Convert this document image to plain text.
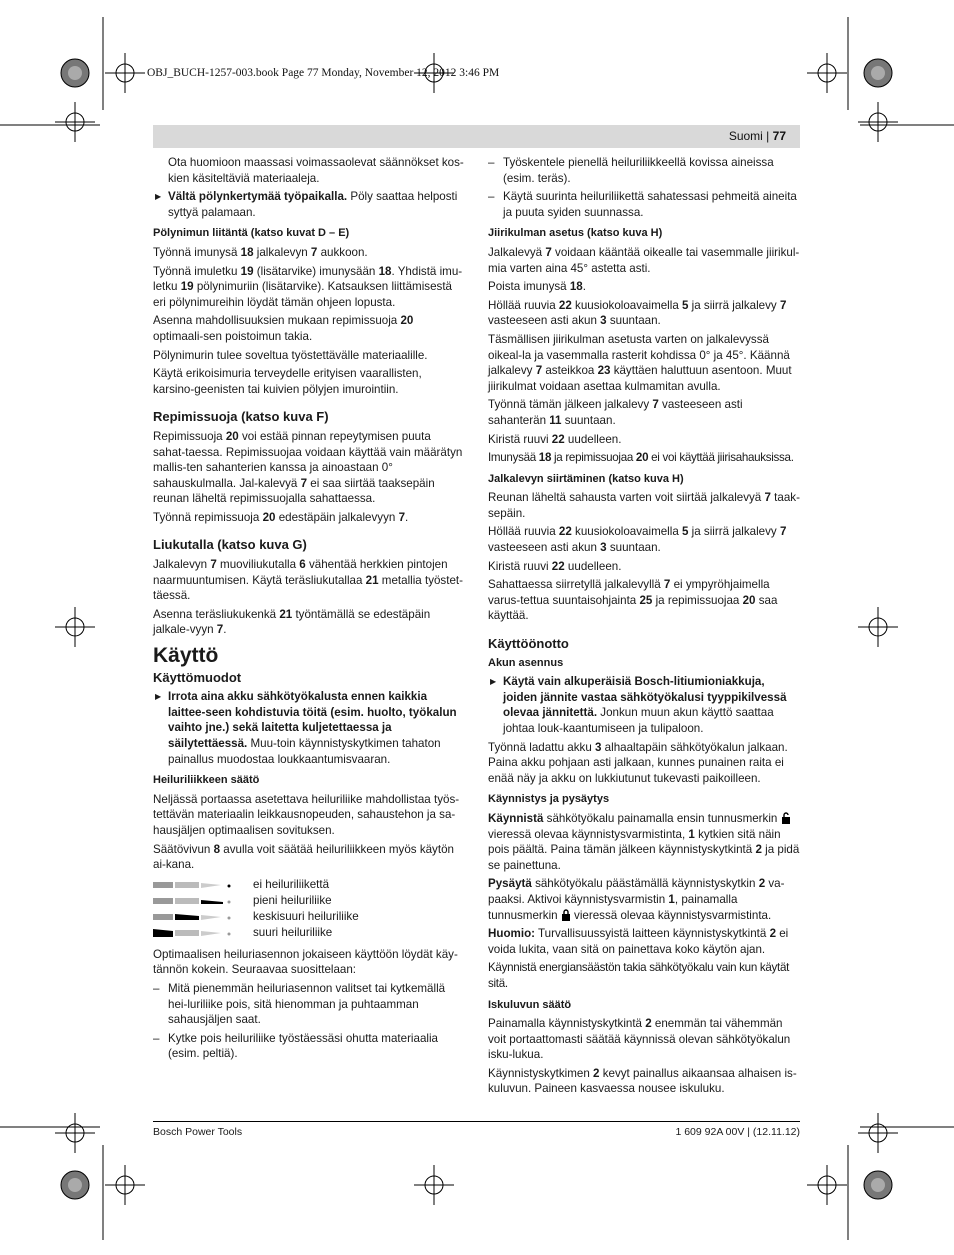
OBJ_BUCH-1257-003.book Page 77 Monday, November 12, 2012 3:46 PM
Suomi | 77

Ota huomioon maassasi voimassaolevat säännökset kos-kien käsiteltäviä materiaaleja.

▶ Vältä pölynkertymää työpaikalla. Pöly saattaa helposti syttyä palamaan.

Pölynimun liitäntä (katso kuvat D – E)

Työnnä imunysä 18 jalkalevyn 7 aukkoon.

Työnnä imuletku 19 (lisätarvike) imunysään 18. Yhdistä imu-letku 19 pölynimuriin (lisätarvike). Katsauksen liittämisestä eri pölynimureihin löydät tämän ohjeen lopusta.

Asenna mahdollisuuksien mukaan repimissuoja 20 optimaali-sen poistoimun takia.

Pölynimurin tulee soveltua työstettävälle materiaalille.

Käytä erikoisimuria terveydelle erityisen vaarallisten, karsino-geenisten tai kuivien pölyjen imurointiin.

Repimissuoja (katso kuva F)

Repimissuoja 20 voi estää pinnan repeytymisen puuta sahat-taessa. Repimissuojaa voidaan käyttää vain määrätyn mallis-ten sahanterien kanssa ja ainoastaan 0° sahauskulmalla. Jal-kalevyä 7 ei saa siirtää taaksepäin reunan läheltä repimissuojalla sahattaessa.

Työnnä repimissuoja 20 edestäpäin jalkalevyyn 7.

Liukutalla (katso kuva G)

Jalkalevyn 7 muoviliukutalla 6 vähentää herkkien pintojen naarmuuntumisen. Käytä teräsliukutallaa 21 metallia työstet-täessä.

Asenna teräsliukukenkä 21 työntämällä se edestäpäin jalkale-vyyn 7.

Käyttö
Käyttömuodot

▶ Irrota aina akku sähkötyökalusta ennen kaikkia laittee-seen kohdistuvia töitä (esim. huolto, työkalun vaihto jne.) sekä laitetta kuljetettaessa ja säilytettäessä. Muu-toin käynnistyskytkimen tahaton painallus muodostaa loukkaantumisvaaran.

Heiluriliikkeen säätö

Neljässä portaassa asetettava heiluriliike mahdollistaa työs-tettävän materiaalin leikkausnopeuden, sahaustehon ja sa-hausjäljen optimaalisen sovituksen.

Säätövivun 8 avulla voit säätää heiluriliikkeen myös käytön ai-kana.

ei heiluriliikettä
pieni heiluriliike
keskisuuri heiluriliike
suuri heiluriliike

Optimaalisen heiluriasennon jokaiseen käyttöön löydät käy-tännön kokein. Seuraavaa suosittelaan:

– Mitä pienemmän heiluriasennon valitset tai kytkemällä hei-luriliike pois, sitä hienomman ja puhtaamman sahausjäljen saat.

– Kytke pois heiluriliike työstäessäsi ohutta materiaalia (esim. peltiä).

– Työskentele pienellä heiluriliikkeellä kovissa aineissa (esim. teräs).

– Käytä suurinta heiluriliikettä sahatessasi pehmeitä aineita ja puuta syiden suunnassa.

Jiirikulman asetus (katso kuva H)

Jalkalevyä 7 voidaan kääntää oikealle tai vasemmalle jiirikul-mia varten aina 45° astetta asti.

Poista imunysä 18.

Höllää ruuvia 22 kuusiokoloavaimella 5 ja siirrä jalkalevy 7 vasteeseen asti akun 3 suuntaan.

Täsmällisen jiirikulman asetusta varten on jalkalevyssä oikeal-la ja vasemmalla rasterit kohdissa 0° ja 45°. Käännä jalkalevy 7 asteikkoa 23 käyttäen haluttuun asentoon. Muut jiirikulmat voidaan asettaa kulmamitan avulla.

Työnnä tämän jälkeen jalkalevy 7 vasteeseen asti sahanterän 11 suuntaan.

Kiristä ruuvi 22 uudelleen.

Imunysää 18 ja repimissuojaa 20 ei voi käyttää jiirisahauksissa.

Jalkalevyn siirtäminen (katso kuva H)

Reunan läheltä sahausta varten voit siirtää jalkalevyä 7 taak-sepäin.

Höllää ruuvia 22 kuusiokoloavaimella 5 ja siirrä jalkalevy 7 vasteeseen asti akun 3 suuntaan.

Kiristä ruuvi 22 uudelleen.

Sahattaessa siirretyllä jalkalevyllä 7 ei ympyröhjaimella varus-tettua suuntaisohjainta 25 ja repimissuojaa 20 saa käyttää.

Käyttöönotto
Akun asennus

▶ Käytä vain alkuperäisiä Bosch-litiumioniakkuja, joiden jännite vastaa sähkötyökalusi tyyppikilvessä olevaa jännitettä. Jonkun muun akun käyttö saattaa johtaa louk-kaantumiseen ja tulipaloon.

Työnnä ladattu akku 3 alhaaltapäin sähkötyökalun jalkaan. Paina akku pohjaan asti jalkaan, kunnes punainen raita ei enää näy ja akku on lukkiutunut tukevasti paikoilleen.

Käynnistys ja pysäytys

Käynnistä sähkötyökalu painamalla ensin tunnusmerkin  vieressä olevaa käynnistysvarmistinta, 1 kytkien sitä näin pois päältä. Paina tämän jälkeen käynnistyskytkintä 2 ja pidä se painettuna.

Pysäytä sähkötyökalu päästämällä käynnistyskytkin 2 va-paaksi. Aktivoi käynnistysvarmistin 1, painamalla tunnusmerkin  vieressä olevaa käynnistysvarmistinta.

Huomio: Turvallisuussyistä laitteen käynnistyskytkintä 2 ei voida lukita, vaan sitä on painettava koko käytön ajan.

Käynnistä energiansäästön takia sähkötyökalu vain kun käytät sitä.

Iskuluvun säätö

Painamalla käynnistyskytkintä 2 enemmän tai vähemmän voit portaattomasti säätää käynnissä olevan sähkötyökalun isku-lukua.

Käynnistyskytkimen 2 kevyt painallus aikaansaa alhaisen is-kuluvun. Paineen kasvaessa nousee iskuluku.

Bosch Power Tools	1 609 92A 00V | (12.11.12)
